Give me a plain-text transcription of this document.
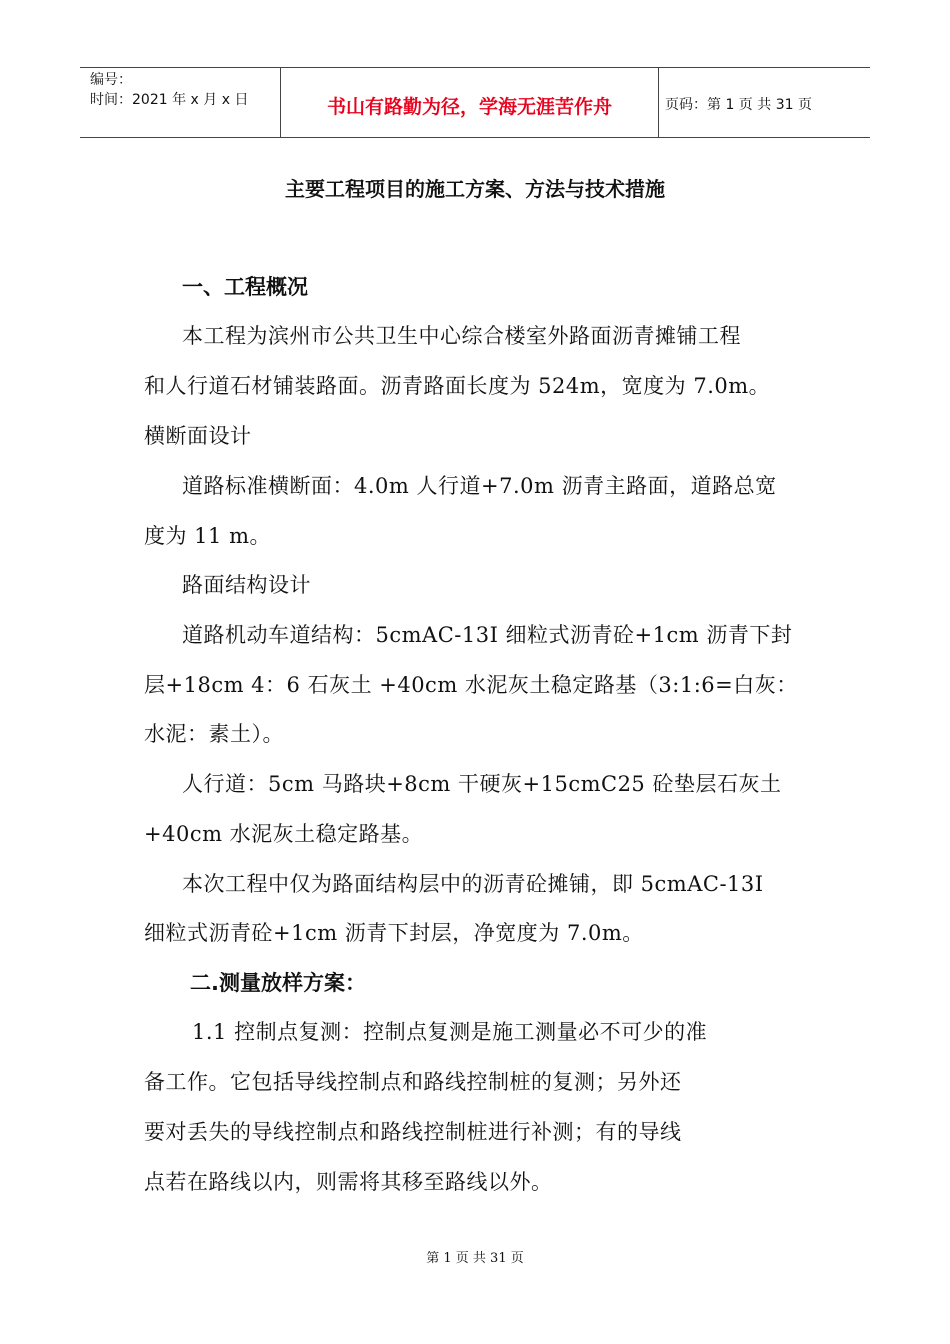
编号：
时间：2021 年 x 月 x 日	书山有路勤为径，学海无涯苦作舟	页码：第 1 页 共 31 页
主要工程项目的施工方案、方法与技术措施
一、工程概况
本工程为滨州市公共卫生中心综合楼室外路面沥青摊铺工程
和人行道石材铺装路面。沥青路面长度为 524m，宽度为 7.0m。
横断面设计
道路标准横断面：4.0m 人行道+7.0m 沥青主路面，道路总宽
度为 11 m。
路面结构设计
道路机动车道结构：5cmAC-13I 细粒式沥青砼+1cm 沥青下封
层+18cm 4：6 石灰土 +40cm 水泥灰土稳定路基（3:1:6=白灰：
水泥：素土）。
人行道：5cm 马路块+8cm 干硬灰+15cmC25 砼垫层石灰土
+40cm 水泥灰土稳定路基。
本次工程中仅为路面结构层中的沥青砼摊铺，即 5cmAC-13I
细粒式沥青砼+1cm 沥青下封层，净宽度为 7.0m。
二.测量放样方案：
1.1 控制点复测：控制点复测是施工测量必不可少的准
备工作。它包括导线控制点和路线控制桩的复测；另外还
要对丢失的导线控制点和路线控制桩进行补测；有的导线
点若在路线以内，则需将其移至路线以外。
第 1 页 共 31 页
